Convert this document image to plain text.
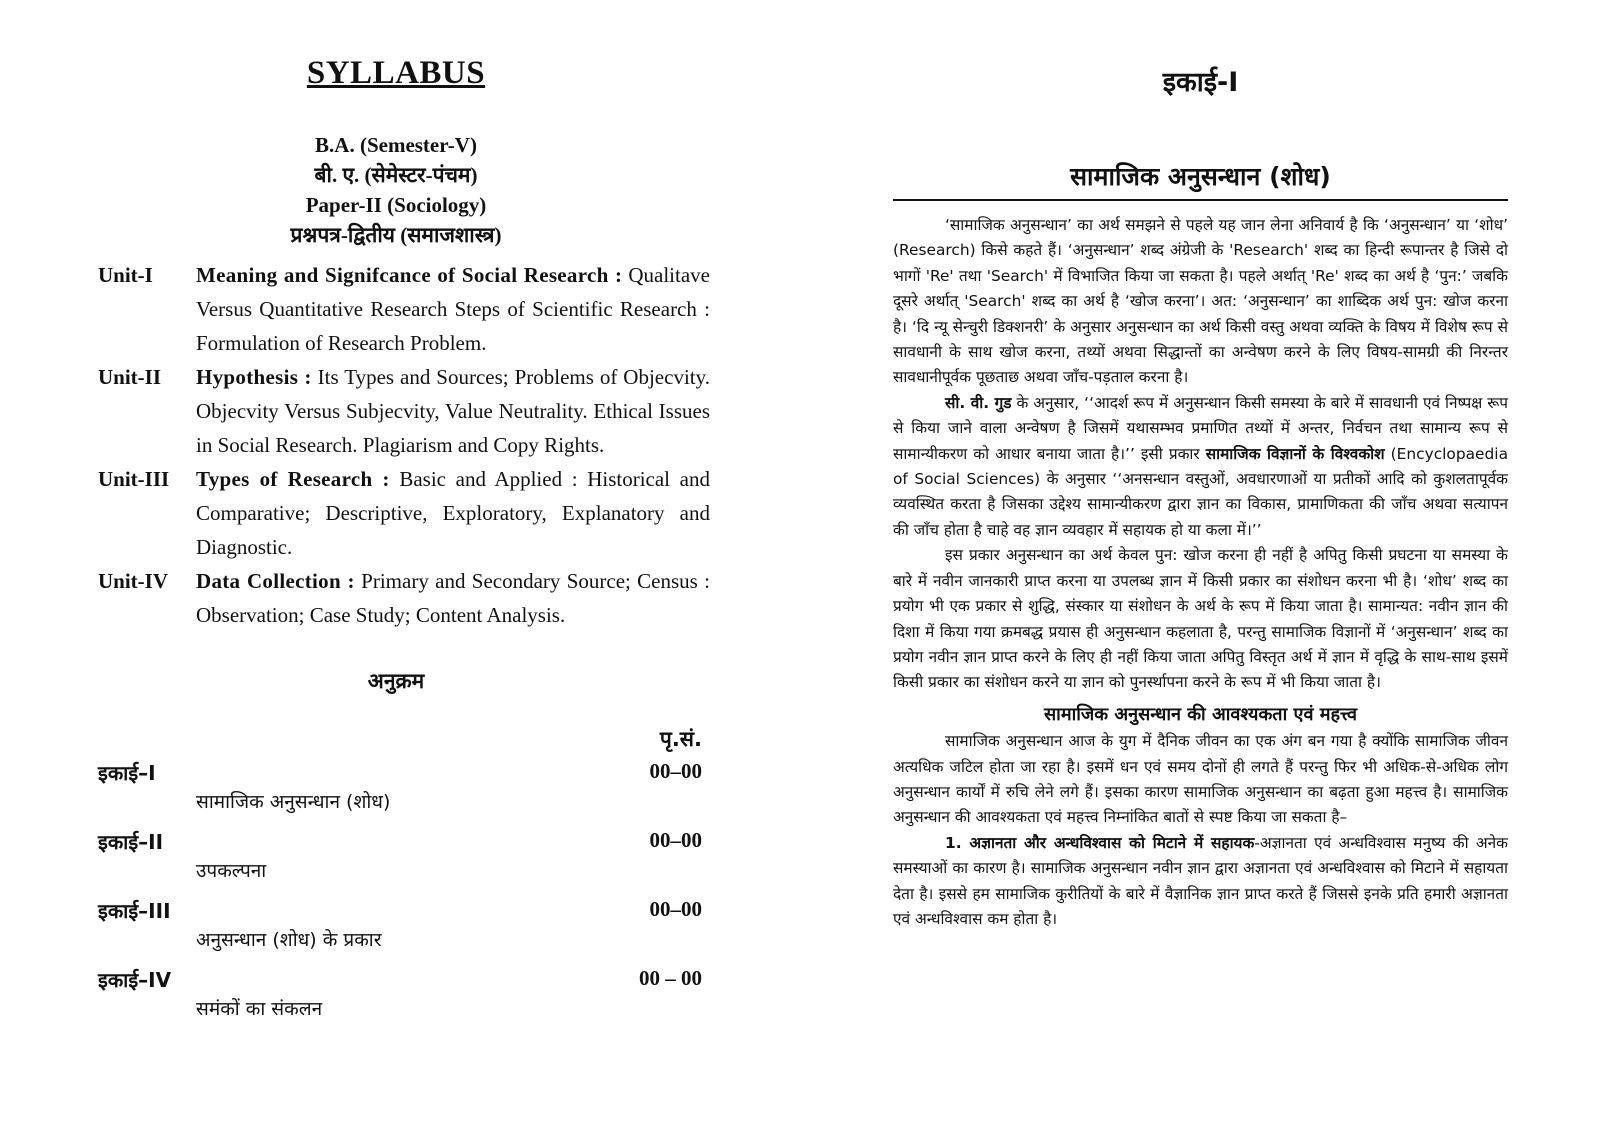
SYLLABUS
B.A. (Semester-V)
बी. ए. (सेमेस्टर-पंचम)
Paper-II (Sociology)
प्रश्नपत्र-द्वितीय (समाजशास्त्र)
Unit-I	Meaning and Signifcance of Social Research : Qualitave Versus Quantitative Research Steps of Scientific Research : Formulation of Research Problem.
Unit-II	Hypothesis : Its Types and Sources; Problems of Objecvity. Objecvity Versus Subjecvity, Value Neutrality. Ethical Issues in Social Research. Plagiarism and Copy Rights.
Unit-III	Types of Research : Basic and Applied : Historical and Comparative; Descriptive, Exploratory, Explanatory and Diagnostic.
Unit-IV	Data Collection : Primary and Secondary Source; Census : Observation; Case Study; Content Analysis.
अनुक्रम
पृ.सं.
इकाई–I	00–00
सामाजिक अनुसन्धान (शोध)
इकाई–II	00–00
उपकल्पना
इकाई–III	00–00
अनुसन्धान (शोध) के प्रकार
इकाई–IV	00 – 00
समंकों का संकलन
इकाई-I
सामाजिक अनुसन्धान (शोध)

‘सामाजिक अनुसन्धान’ का अर्थ समझने से पहले यह जान लेना अनिवार्य है कि ‘अनुसन्धान’ या ‘शोध’ (Research) किसे कहते हैं। ‘अनुसन्धान’ शब्द अंग्रेजी के 'Research' शब्द का हिन्दी रूपान्तर है जिसे दो भागों 'Re' तथा 'Search' में विभाजित किया जा सकता है। पहले अर्थात् 'Re' शब्द का अर्थ है ‘पुन:’ जबकि दूसरे अर्थात् 'Search' शब्द का अर्थ है ‘खोज करना’। अत: ‘अनुसन्धान’ का शाब्दिक अर्थ पुन: खोज करना है। ‘दि न्यू सेन्चुरी डिक्शनरी’ के अनुसार अनुसन्धान का अर्थ किसी वस्तु अथवा व्यक्ति के विषय में विशेष रूप से सावधानी के साथ खोज करना, तथ्यों अथवा सिद्धान्तों का अन्वेषण करने के लिए विषय-सामग्री की निरन्तर सावधानीपूर्वक पूछताछ अथवा जाँच-पड़ताल करना है।

सी. वी. गुड के अनुसार, ‘‘आदर्श रूप में अनुसन्धान किसी समस्या के बारे में सावधानी एवं निष्पक्ष रूप से किया जाने वाला अन्वेषण है जिसमें यथासम्भव प्रमाणित तथ्यों में अन्तर, निर्वचन तथा सामान्य रूप से सामान्यीकरण को आधार बनाया जाता है।’’ इसी प्रकार सामाजिक विज्ञानों के विश्वकोश (Encyclopaedia of Social Sciences) के अनुसार ‘‘अनसन्धान वस्तुओं, अवधारणाओं या प्रतीकों आदि को कुशलतापूर्वक व्यवस्थित करता है जिसका उद्देश्य सामान्यीकरण द्वारा ज्ञान का विकास, प्रामाणिकता की जाँच अथवा सत्यापन की जाँच होता है चाहे वह ज्ञान व्यवहार में सहायक हो या कला में।’’

इस प्रकार अनुसन्धान का अर्थ केवल पुन: खोज करना ही नहीं है अपितु किसी प्रघटना या समस्या के बारे में नवीन जानकारी प्राप्त करना या उपलब्ध ज्ञान में किसी प्रकार का संशोधन करना भी है। ‘शोध’ शब्द का प्रयोग भी एक प्रकार से शुद्धि, संस्कार या संशोधन के अर्थ के रूप में किया जाता है। सामान्यत: नवीन ज्ञान की दिशा में किया गया क्रमबद्ध प्रयास ही अनुसन्धान कहलाता है, परन्तु सामाजिक विज्ञानों में ‘अनुसन्धान’ शब्द का प्रयोग नवीन ज्ञान प्राप्त करने के लिए ही नहीं किया जाता अपितु विस्तृत अर्थ में ज्ञान में वृद्धि के साथ-साथ इसमें किसी प्रकार का संशोधन करने या ज्ञान को पुनर्स्थापना करने के रूप में भी किया जाता है।

सामाजिक अनुसन्धान की आवश्यकता एवं महत्त्व

सामाजिक अनुसन्धान आज के युग में दैनिक जीवन का एक अंग बन गया है क्योंकि सामाजिक जीवन अत्यधिक जटिल होता जा रहा है। इसमें धन एवं समय दोनों ही लगते हैं परन्तु फिर भी अधिक-से-अधिक लोग अनुसन्धान कार्यों में रुचि लेने लगे हैं। इसका कारण सामाजिक अनुसन्धान का बढ़ता हुआ महत्त्व है। सामाजिक अनुसन्धान की आवश्यकता एवं महत्त्व निम्नांकित बातों से स्पष्ट किया जा सकता है–

1. अज्ञानता और अन्धविश्वास को मिटाने में सहायक-अज्ञानता एवं अन्धविश्वास मनुष्य की अनेक समस्याओं का कारण है। सामाजिक अनुसन्धान नवीन ज्ञान द्वारा अज्ञानता एवं अन्धविश्वास को मिटाने में सहायता देता है। इससे हम सामाजिक कुरीतियों के बारे में वैज्ञानिक ज्ञान प्राप्त करते हैं जिससे इनके प्रति हमारी अज्ञानता एवं अन्धविश्वास कम होता है।
